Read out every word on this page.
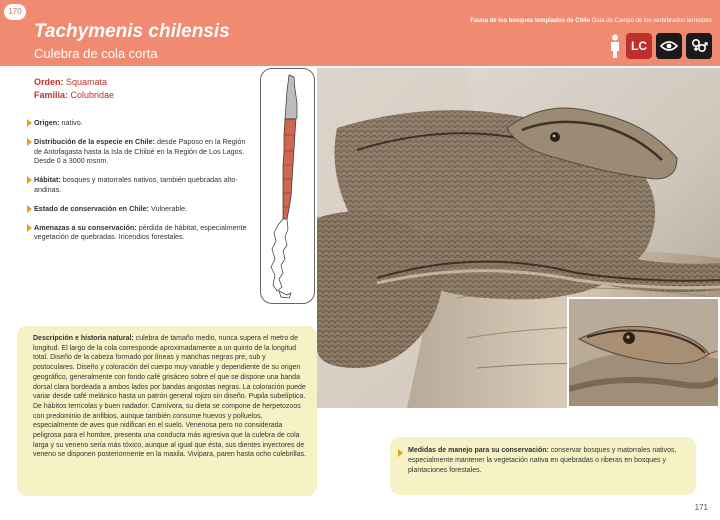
170
Tachymenis chilensis
Culebra de cola corta
Fauna de los bosques templados de Chile Guía de Campo de los vertebrados terrestres
LC
Orden: Squamata
Familia: Colubridae
Origen: nativo.
Distribución de la especie en Chile: desde Paposo en la Región de Antofagasta hasta la Isla de Chiloé en la Región de Los Lagos. Desde 0 a 3000 msnm.
Hábitat: bosques y matorrales nativos, también quebradas alto-andinas.
Estado de conservación en Chile: Vulnerable.
Amenazas a su conservación: pérdida de hábitat, especialmente vegetación de quebradas. Incendios forestales.
Descripción e historia natural: culebra de tamaño medio, nunca supera el metro de longitud. El largo de la cola corresponde aproximadamente a un quinto de la longitud total. Diseño de la cabeza formado por líneas y manchas negras pre, sub y postoculares. Diseño y coloración del cuerpo muy variable y dependiente de su origen geográfico, generalmente con fondo café grisáceo sobre el que se dispone una banda dorsal clara bordeada a ambos lados por bandas angostas negras. La coloración puede variar desde café melánico hasta un patrón general rojizo sin diseño. Pupila subelíptica. De hábitos terrícolas y buen nadador. Carnívora, su dieta se compone de herpetozoos con predominio de anfibios, aunque también consume huevos y polluelos, especialmente de aves que nidifican en el suelo. Venenosa pero no considerada peligrosa para el hombre, presenta una conducta más agresiva que la culebra de cola larga y su veneno sería más tóxico, aunque al igual que ésta, sus dientes inyectores de veneno se disponen posteriormente en la maxila. Vivípara, paren hasta ocho culebrillas.
Medidas de manejo para su conservación: conservar bosques y matorrales nativos, especialmente mantener la vegetación nativa en quebradas o riberas en bosques y plantaciones forestales.
171
